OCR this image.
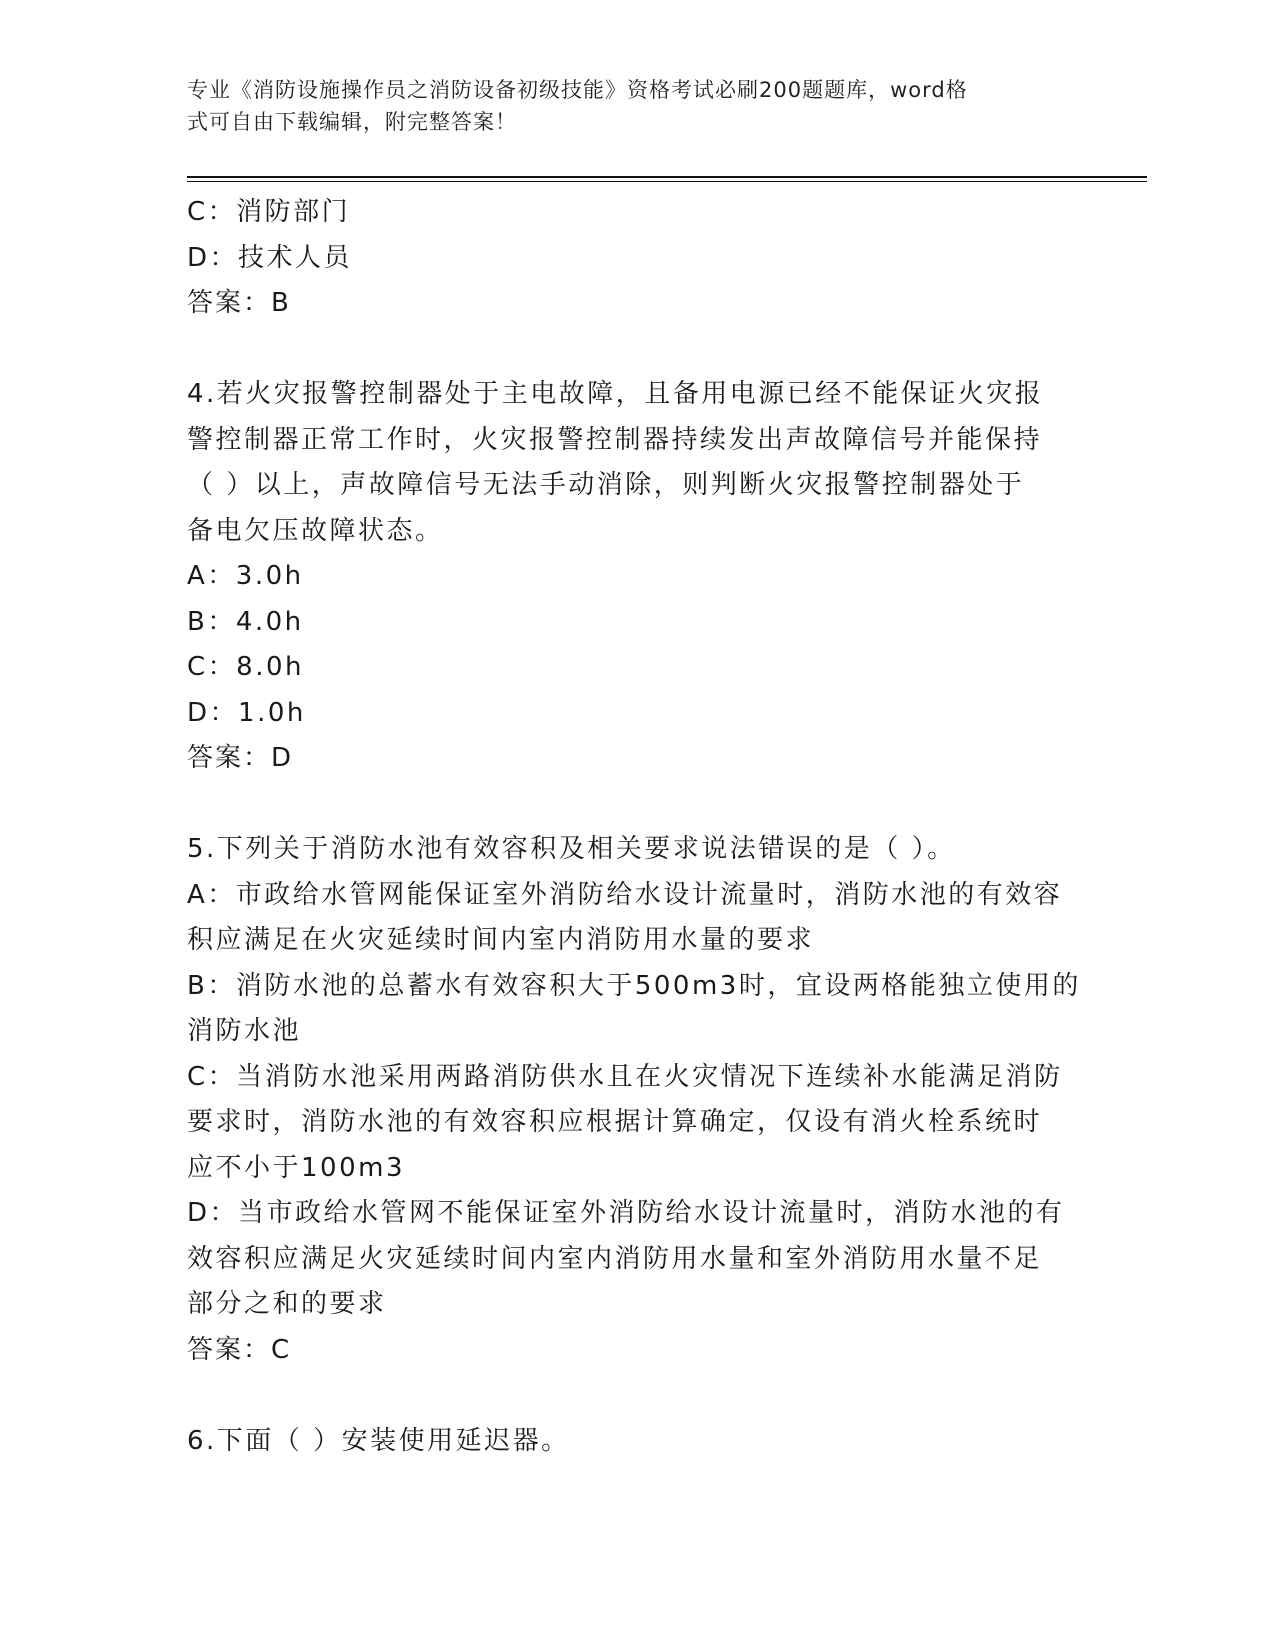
专业《消防设施操作员之消防设备初级技能》资格考试必刷200题题库，word格
式可自由下载编辑，附完整答案！
C：消防部门
D：技术人员
答案：B
4.若火灾报警控制器处于主电故障，且备用电源已经不能保证火灾报
警控制器正常工作时，火灾报警控制器持续发出声故障信号并能保持
（ ）以上，声故障信号无法手动消除，则判断火灾报警控制器处于
备电欠压故障状态。
A：3.0h
B：4.0h
C：8.0h
D：1.0h
答案：D
5.下列关于消防水池有效容积及相关要求说法错误的是（ ）。
A：市政给水管网能保证室外消防给水设计流量时，消防水池的有效容
积应满足在火灾延续时间内室内消防用水量的要求
B：消防水池的总蓄水有效容积大于500m3时，宜设两格能独立使用的
消防水池
C：当消防水池采用两路消防供水且在火灾情况下连续补水能满足消防
要求时，消防水池的有效容积应根据计算确定，仅设有消火栓系统时
应不小于100m3
D：当市政给水管网不能保证室外消防给水设计流量时，消防水池的有
效容积应满足火灾延续时间内室内消防用水量和室外消防用水量不足
部分之和的要求
答案：C
6.下面（ ）安装使用延迟器。
